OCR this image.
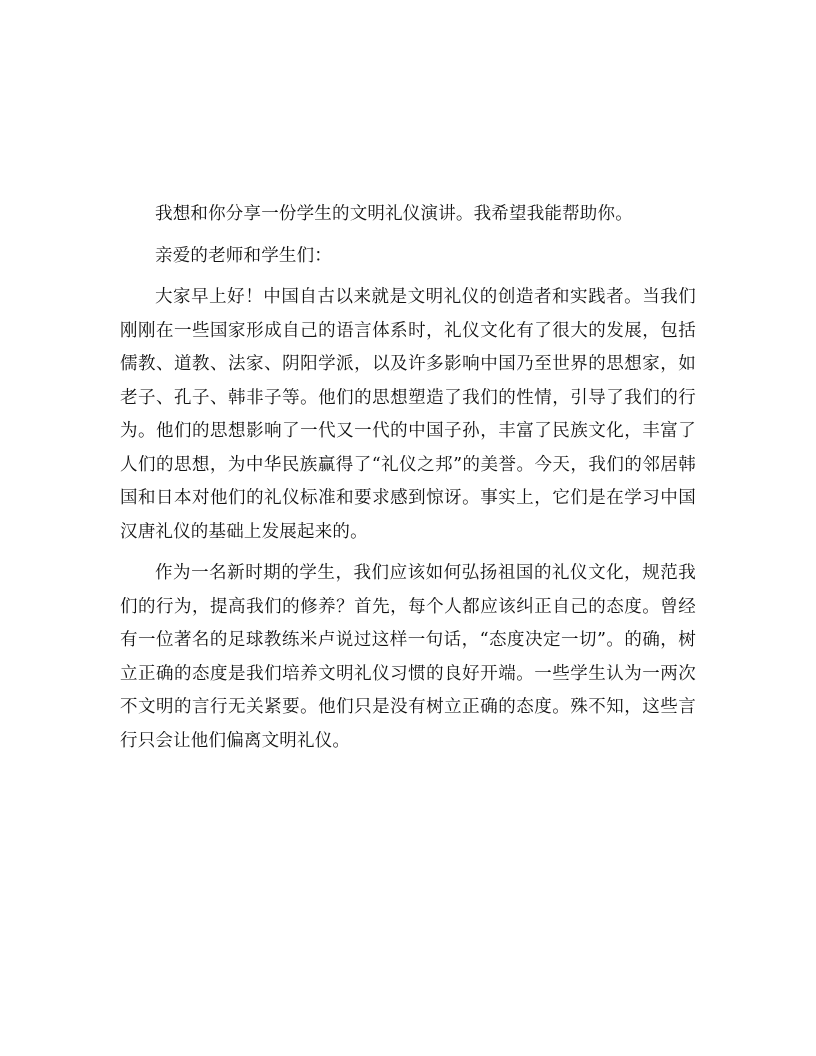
我想和你分享一份学生的文明礼仪演讲。我希望我能帮助你。

亲爱的老师和学生们：

大家早上好！中国自古以来就是文明礼仪的创造者和实践者。当我们刚刚在一些国家形成自己的语言体系时，礼仪文化有了很大的发展，包括儒教、道教、法家、阴阳学派，以及许多影响中国乃至世界的思想家，如老子、孔子、韩非子等。他们的思想塑造了我们的性情，引导了我们的行为。他们的思想影响了一代又一代的中国子孙，丰富了民族文化，丰富了人们的思想，为中华民族赢得了“礼仪之邦”的美誉。今天，我们的邻居韩国和日本对他们的礼仪标准和要求感到惊讶。事实上，它们是在学习中国汉唐礼仪的基础上发展起来的。

作为一名新时期的学生，我们应该如何弘扬祖国的礼仪文化，规范我们的行为，提高我们的修养？首先，每个人都应该纠正自己的态度。曾经有一位著名的足球教练米卢说过这样一句话，“态度决定一切”。的确，树立正确的态度是我们培养文明礼仪习惯的良好开端。一些学生认为一两次不文明的言行无关紧要。他们只是没有树立正确的态度。殊不知，这些言行只会让他们偏离文明礼仪。
